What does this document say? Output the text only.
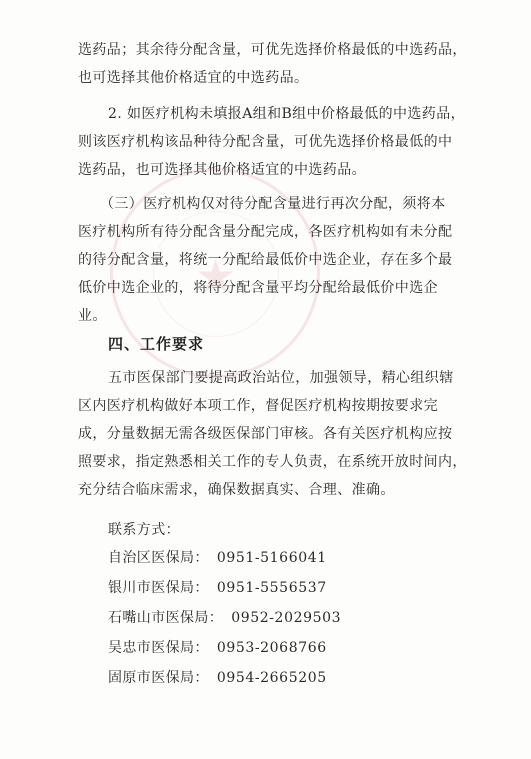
★
选药品；其余待分配含量，可优先选择价格最低的中选药品，
也可选择其他价格适宜的中选药品。
2. 如医疗机构未填报A组和B组中价格最低的中选药品，
则该医疗机构该品种待分配含量，可优先选择价格最低的中
选药品，也可选择其他价格适宜的中选药品。
（三）医疗机构仅对待分配含量进行再次分配，须将本
医疗机构所有待分配含量分配完成，各医疗机构如有未分配
的待分配含量，将统一分配给最低价中选企业，存在多个最
低价中选企业的，将待分配含量平均分配给最低价中选企
业。
四、工作要求
五市医保部门要提高政治站位，加强领导，精心组织辖
区内医疗机构做好本项工作，督促医疗机构按期按要求完
成，分量数据无需各级医保部门审核。各有关医疗机构应按
照要求，指定熟悉相关工作的专人负责，在系统开放时间内，
充分结合临床需求，确保数据真实、合理、准确。
联系方式：
自治区医保局： 0951-5166041
银川市医保局： 0951-5556537
石嘴山市医保局： 0952-2029503
吴忠市医保局： 0953-2068766
固原市医保局： 0954-2665205
